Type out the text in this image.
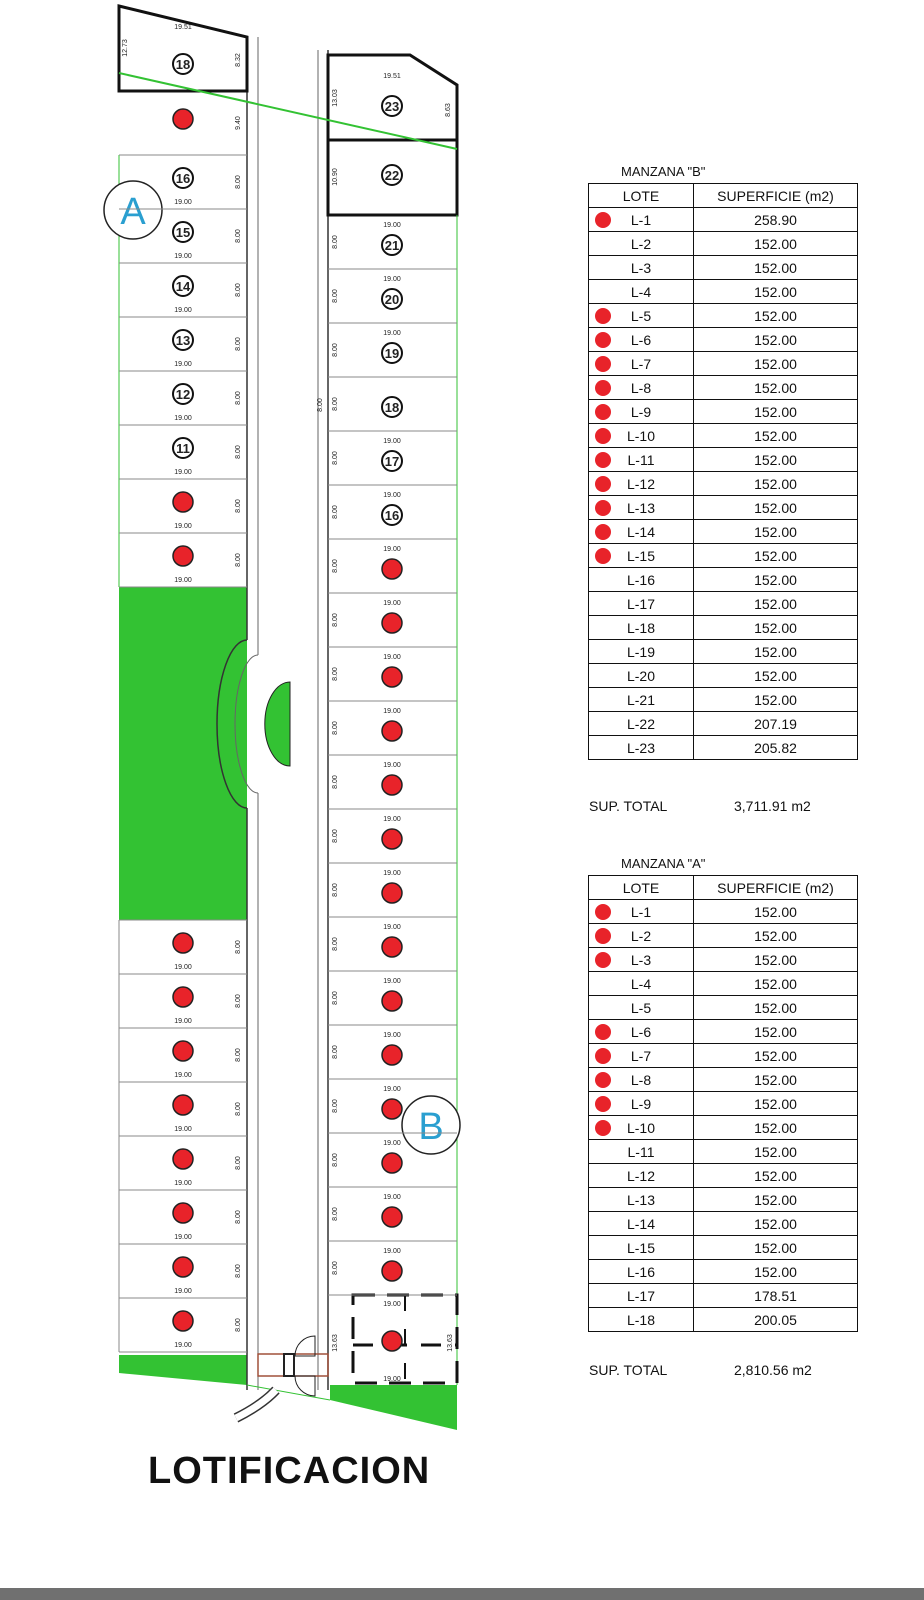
8.00
19.51
12.73
8.32
19.51
13.03
8.63
10.90
19.00
19.00
13.63	13.63
A
B
18
9.40
16
19.00
8.00
15
19.00
8.00
14
19.00
8.00
13
19.00
8.00
12
19.00
8.00
11
19.00
8.00
19.00
8.00
19.00
8.00
19.00
8.00
19.00
8.00
19.00
8.00
19.00
8.00
19.00
8.00
19.00
8.00
19.00
8.00
19.00
8.00
23
22
19.00
8.00	21
19.00
8.00	20
19.00
8.00	19
8.00	18
19.00
8.00	17
19.00
8.00	16
19.00
8.00
19.00
8.00
19.00
8.00
19.00
8.00
19.00
8.00
19.00
8.00
19.00
8.00
19.00
8.00
19.00
8.00
19.00
8.00
19.00
8.00
19.00
8.00
19.00
8.00
19.00
8.00
MANZANA "B"
LOTE	SUPERFICIE (m2)

L-1	258.90
L-2	152.00
L-3	152.00
L-4	152.00

L-5	152.00

L-6	152.00

L-7	152.00

L-8	152.00

L-9	152.00

L-10	152.00

L-11	152.00

L-12	152.00

L-13	152.00

L-14	152.00

L-15	152.00
L-16	152.00
L-17	152.00
L-18	152.00
L-19	152.00
L-20	152.00
L-21	152.00
L-22	207.19
L-23	205.82
SUP. TOTAL	3,711.91 m2
MANZANA "A"
LOTE	SUPERFICIE (m2)

L-1	152.00

L-2	152.00

L-3	152.00
L-4	152.00
L-5	152.00

L-6	152.00

L-7	152.00

L-8	152.00

L-9	152.00

L-10	152.00
L-11	152.00
L-12	152.00
L-13	152.00
L-14	152.00
L-15	152.00
L-16	152.00
L-17	178.51
L-18	200.05
SUP. TOTAL	2,810.56 m2
LOTIFICACION
